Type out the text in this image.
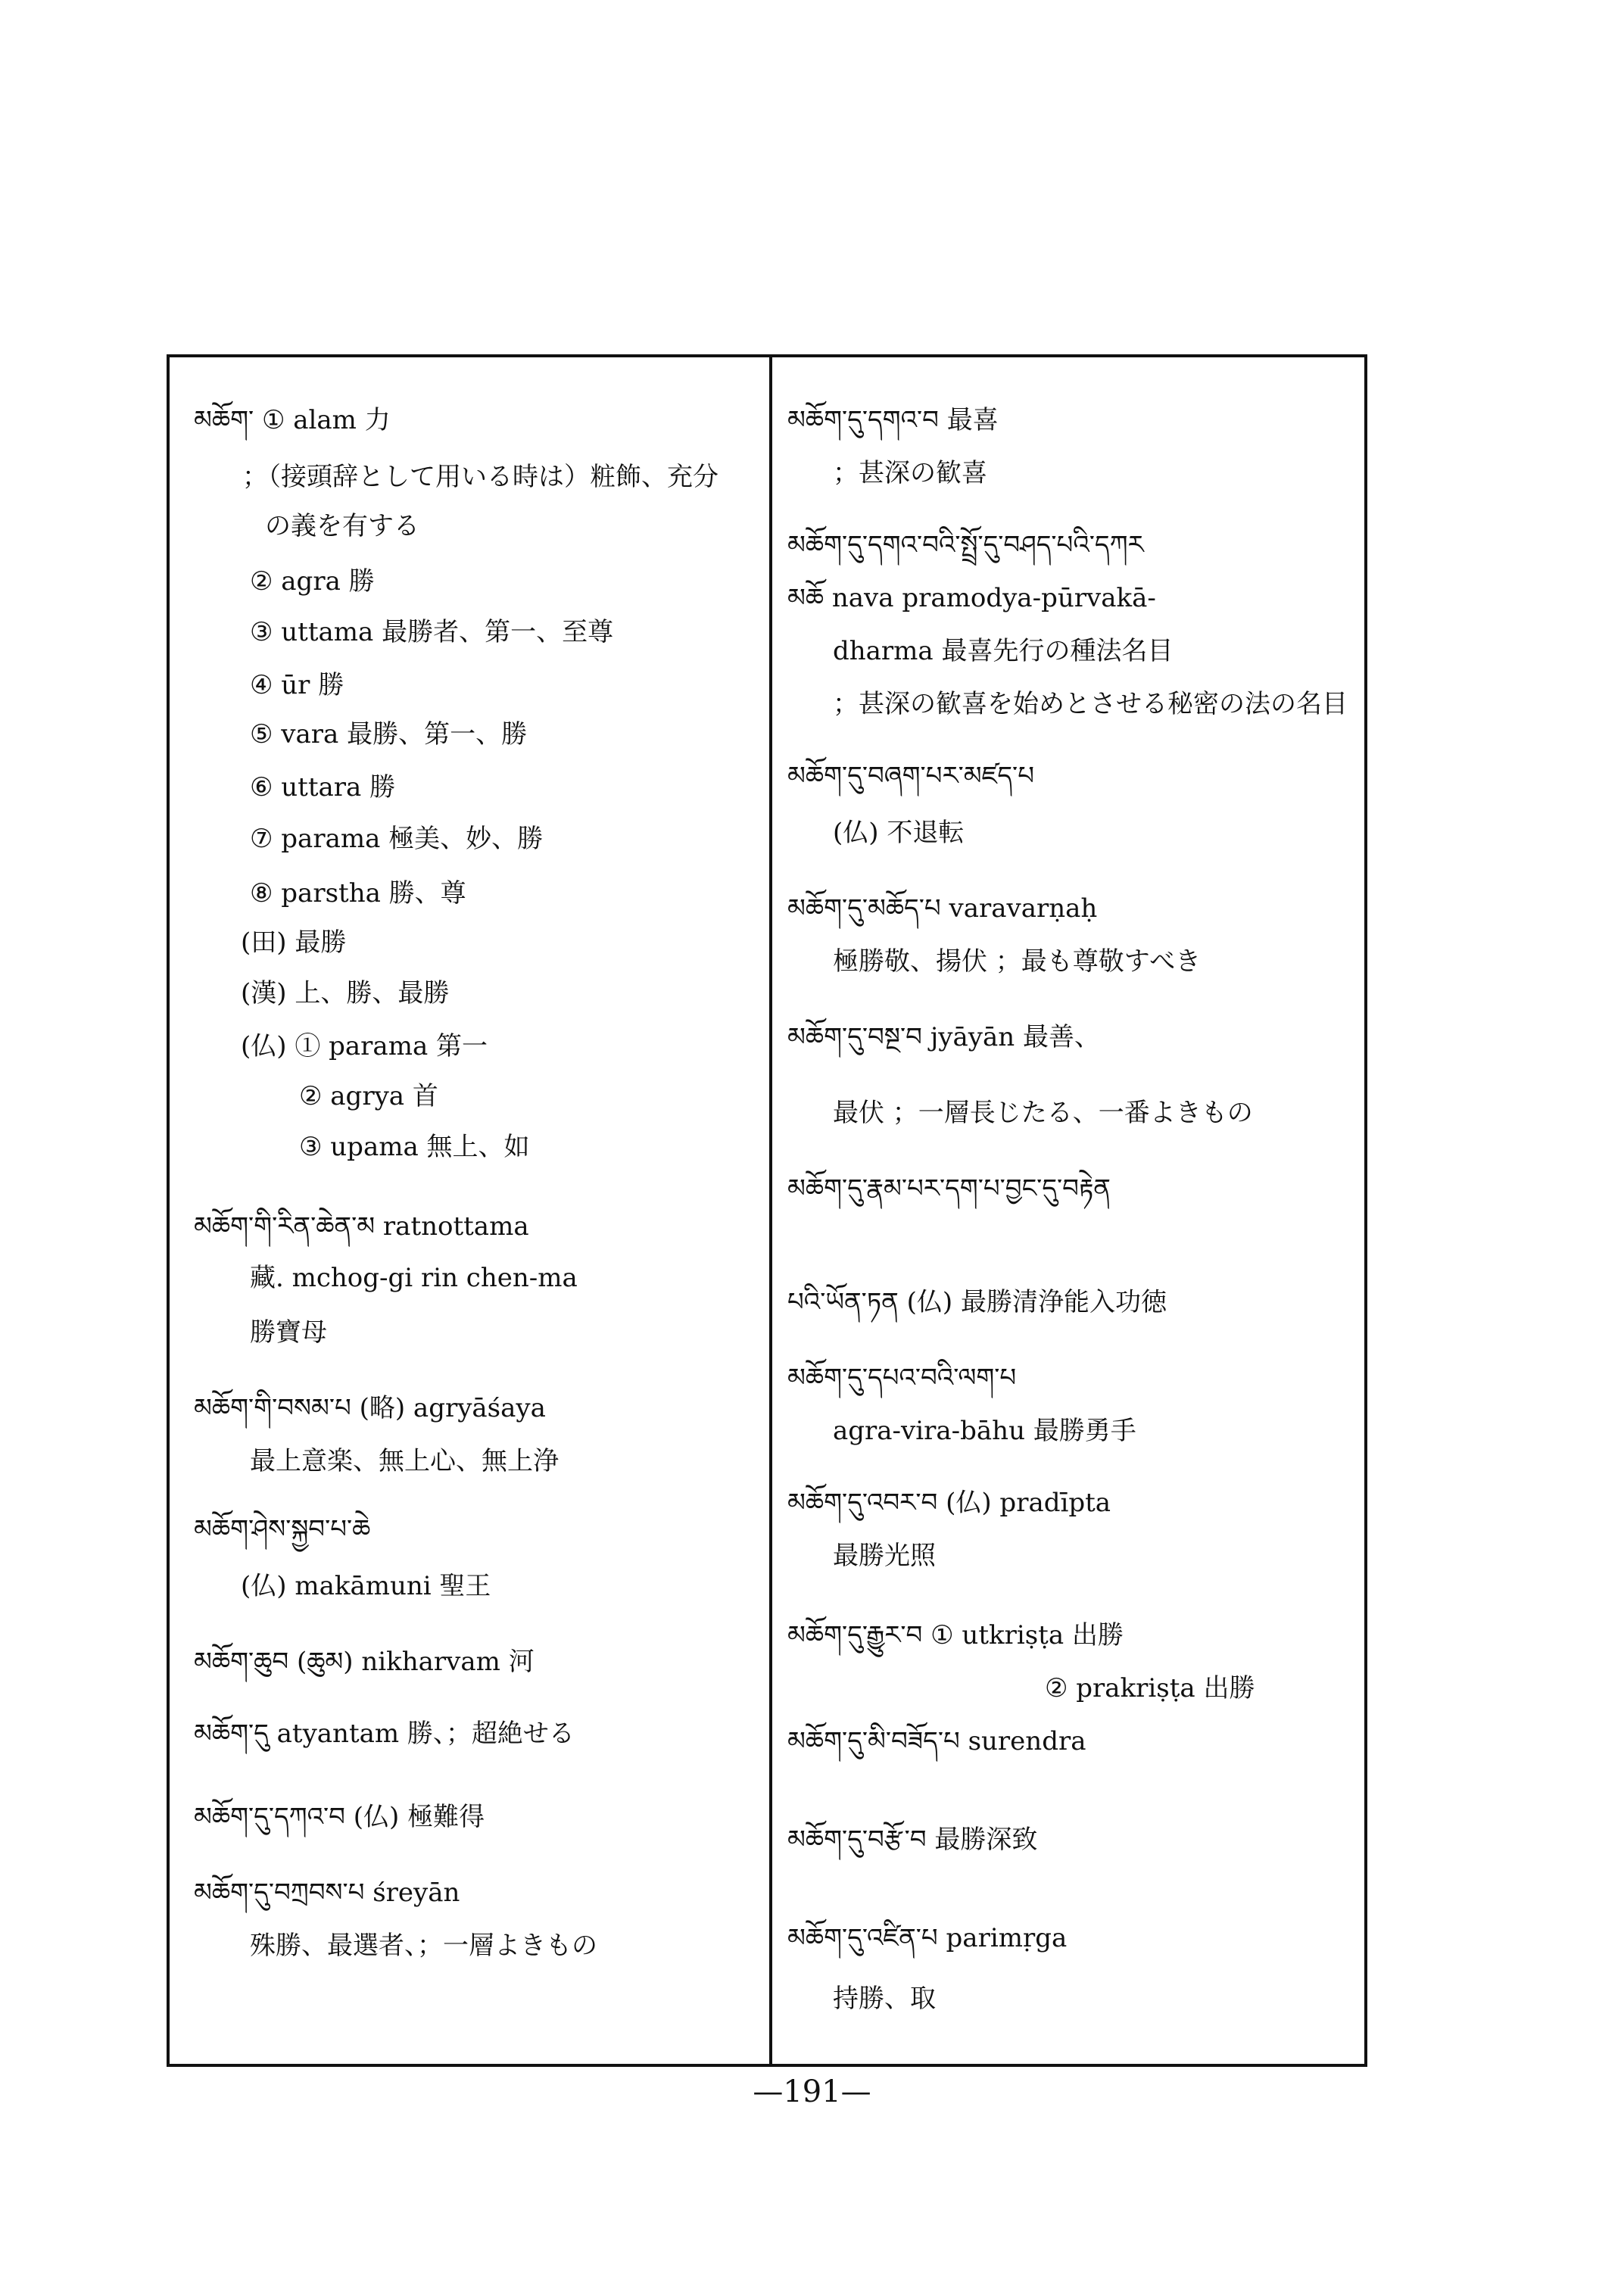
མཆོག་ ① alam 力
；（接頭辞として用いる時は）粧飾、充分
の義を有する
② agra 勝
③ uttama 最勝者、第一、至尊
④ ūr 勝
⑤ vara 最勝、第一、勝
⑥ uttara 勝
⑦ parama 極美、妙、勝
⑧ parstha 勝、尊
(田) 最勝
(漢) 上、勝、最勝
(仏) ① parama 第一
② agrya 首
③ upama 無上、如
མཆོག་གི་རིན་ཆེན་མ ratnottama
藏. mchog-gi rin chen-ma
勝寶母
མཆོག་གི་བསམ་པ (略) agryāśaya
最上意楽、無上心、無上浄
མཆོག་ཤེས་སྐྱབ་པ་ཆེ
(仏) makāmuni 聖王
མཆོག་ཆུབ (ཆུམ) nikharvam 河
མཆོག་དུ atyantam 勝、；超絶せる
མཆོག་དུ་དཀའ་བ (仏) 極難得
མཆོག་དུ་བཀྲབས་པ śreyān
殊勝、最選者、；一層よきもの
མཆོག་དུ་དགའ་བ 最喜
；甚深の歓喜
མཆོག་དུ་དགའ་བའི་སྤྲོ་དུ་བཤད་པའི་དཀར
མཆོ nava pramodya-pūrvakā-
dharma 最喜先行の種法名目
；甚深の歓喜を始めとさせる秘密の法の名目
མཆོག་དུ་བཞག་པར་མཛད་པ
(仏) 不退転
མཆོག་དུ་མཆོད་པ varavarṇaḥ
極勝敬、揚伏 ；最も尊敬すべき
མཆོག་དུ་བསྔ་བ jyāyān 最善、
最伏 ；一層長じたる、一番よきもの
མཆོག་དུ་རྣམ་པར་དག་པ་བྱང་དུ་བརྟེན
པའི་ཡོན་ཏན (仏) 最勝清浄能入功徳
མཆོག་དུ་དཔའ་བའི་ལག་པ
agra-vira-bāhu 最勝勇手
མཆོག་དུ་འབར་བ (仏) pradīpta
最勝光照
མཆོག་དུ་རྒྱུར་བ ① utkriṣṭa 出勝
② prakriṣṭa 出勝
མཆོག་དུ་མི་བཟོད་པ surendra
མཆོག་དུ་བརྩོ་བ 最勝深致
མཆོག་དུ་འཛིན་པ parimṛga
持勝、取
—191—
